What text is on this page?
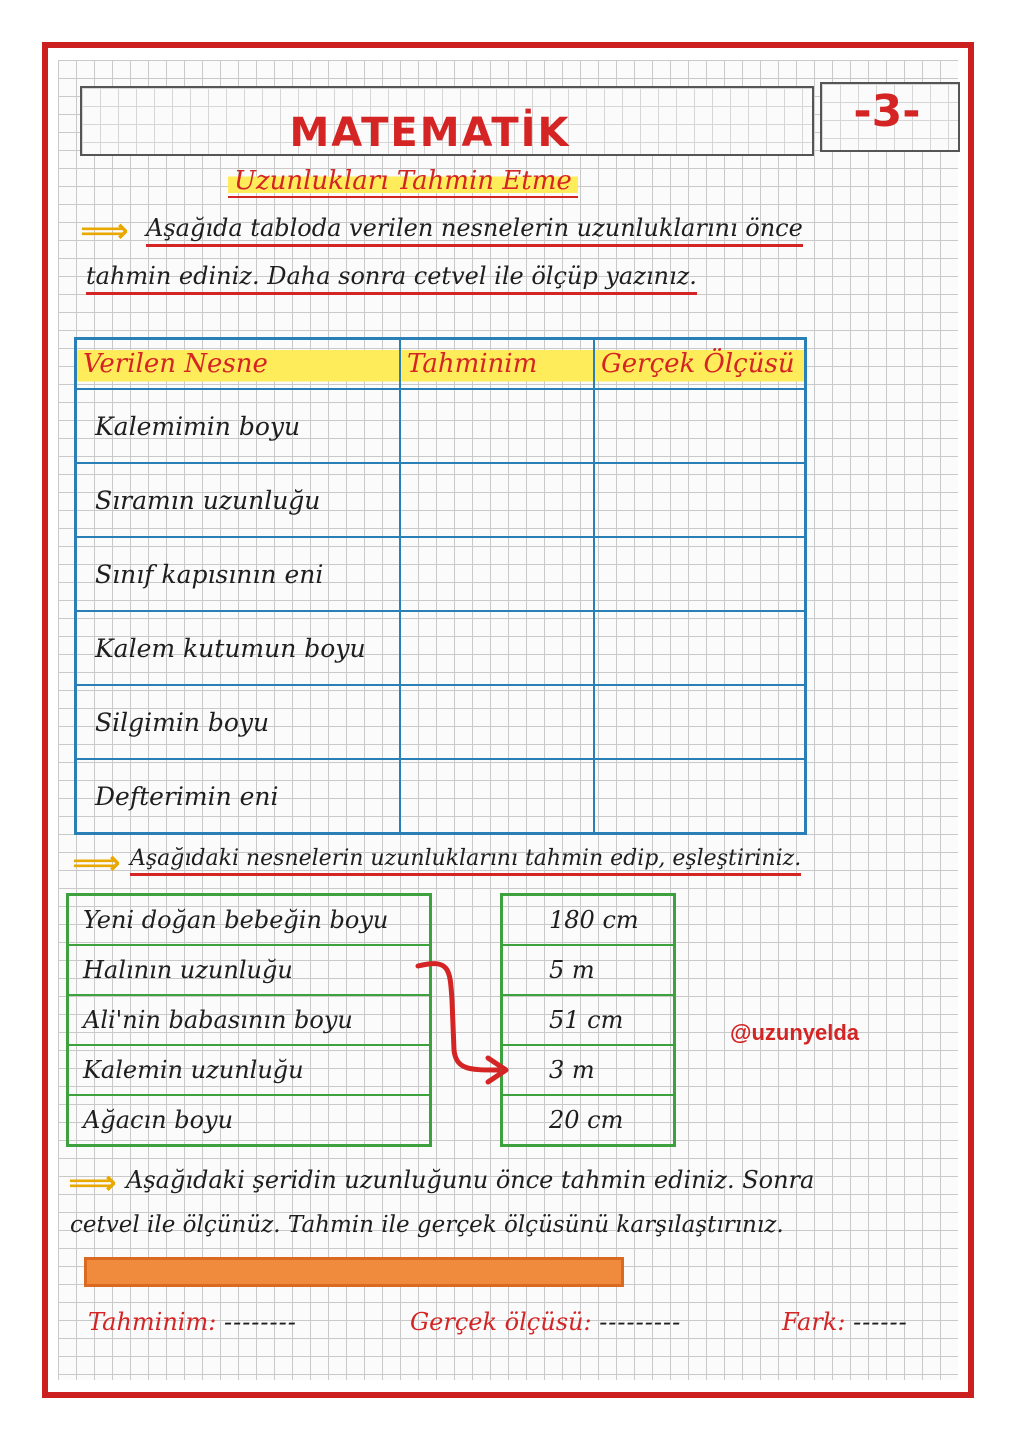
MATEMATİK	-3-
Uzunlukları Tahmin Etme
⟹ Aşağıda tabloda verilen nesnelerin uzunluklarını önce
tahmin ediniz. Daha sonra cetvel ile ölçüp yazınız.
Verilen Nesne	Tahminim	Gerçek Ölçüsü
Kalemimin boyu		
Sıramın uzunluğu		
Sınıf kapısının eni		
Kalem kutumun boyu		
Silgimin boyu		
Defterimin eni		
⟹ Aşağıdaki nesnelerin uzunluklarını tahmin edip, eşleştiriniz.
Yeni doğan bebeğin boyu
Halının uzunluğu
Ali'nin babasının boyu
Kalemin uzunluğu
Ağacın boyu
180 cm
5 m
51 cm
3 m
20 cm
@uzunyelda
⟹ Aşağıdaki şeridin uzunluğunu önce tahmin ediniz. Sonra
cetvel ile ölçünüz. Tahmin ile gerçek ölçüsünü karşılaştırınız.
Tahminim: --------	Gerçek ölçüsü: ---------	Fark: ------
